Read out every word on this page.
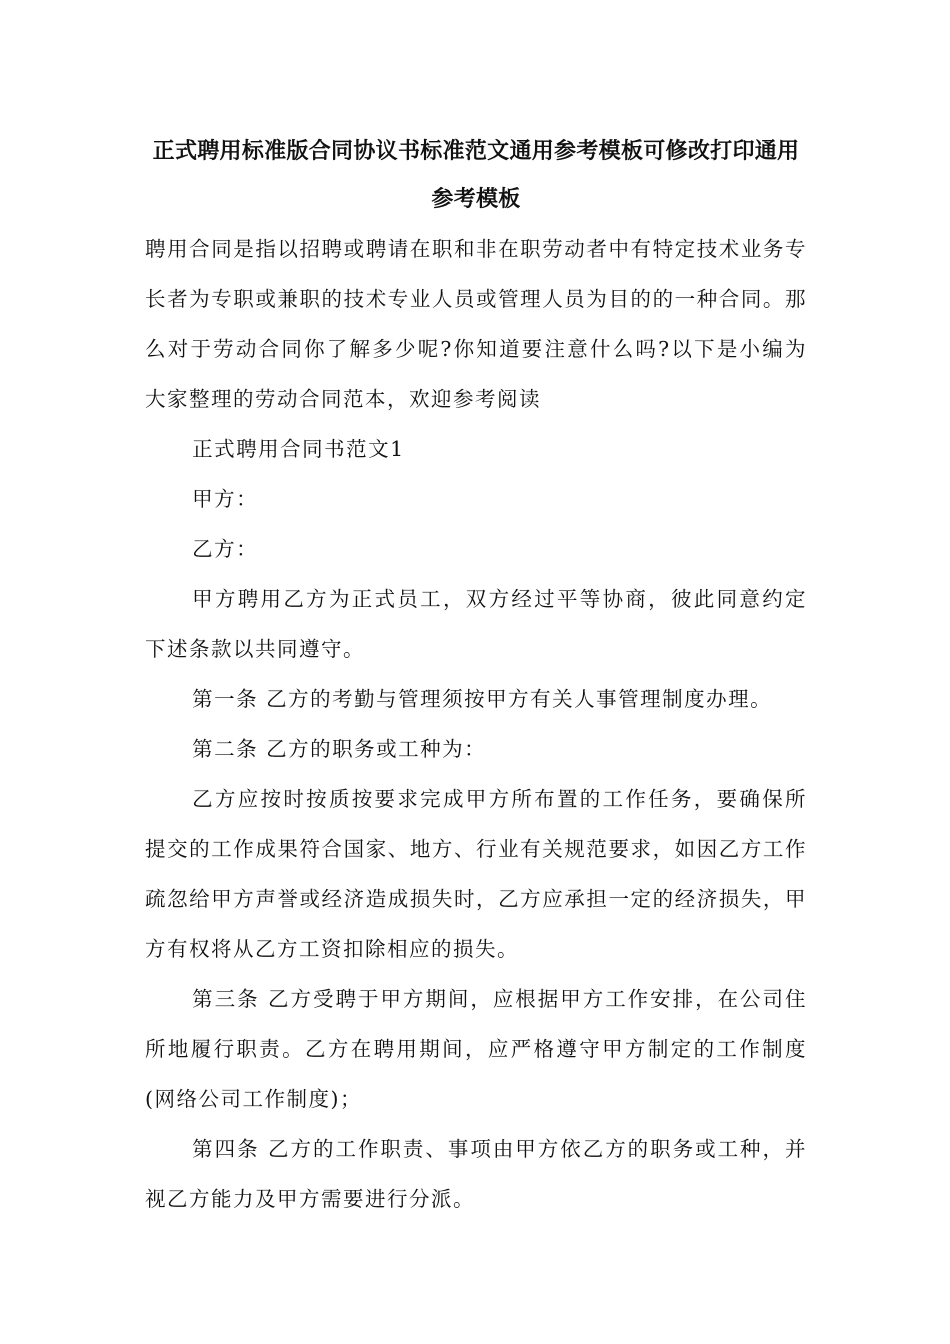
正式聘用标准版合同协议书标准范文通用参考模板可修改打印通用
参考模板

聘用合同是指以招聘或聘请在职和非在职劳动者中有特定技术业务专长者为专职或兼职的技术专业人员或管理人员为目的的一种合同。那么对于劳动合同你了解多少呢?你知道要注意什么吗?以下是小编为大家整理的劳动合同范本，欢迎参考阅读

正式聘用合同书范文1

甲方：

乙方：

甲方聘用乙方为正式员工，双方经过平等协商，彼此同意约定下述条款以共同遵守。

第一条 乙方的考勤与管理须按甲方有关人事管理制度办理。

第二条 乙方的职务或工种为：

乙方应按时按质按要求完成甲方所布置的工作任务，要确保所提交的工作成果符合国家、地方、行业有关规范要求，如因乙方工作疏忽给甲方声誉或经济造成损失时，乙方应承担一定的经济损失，甲方有权将从乙方工资扣除相应的损失。

第三条 乙方受聘于甲方期间，应根据甲方工作安排，在公司住所地履行职责。乙方在聘用期间，应严格遵守甲方制定的工作制度(网络公司工作制度)；

第四条 乙方的工作职责、事项由甲方依乙方的职务或工种，并视乙方能力及甲方需要进行分派。
